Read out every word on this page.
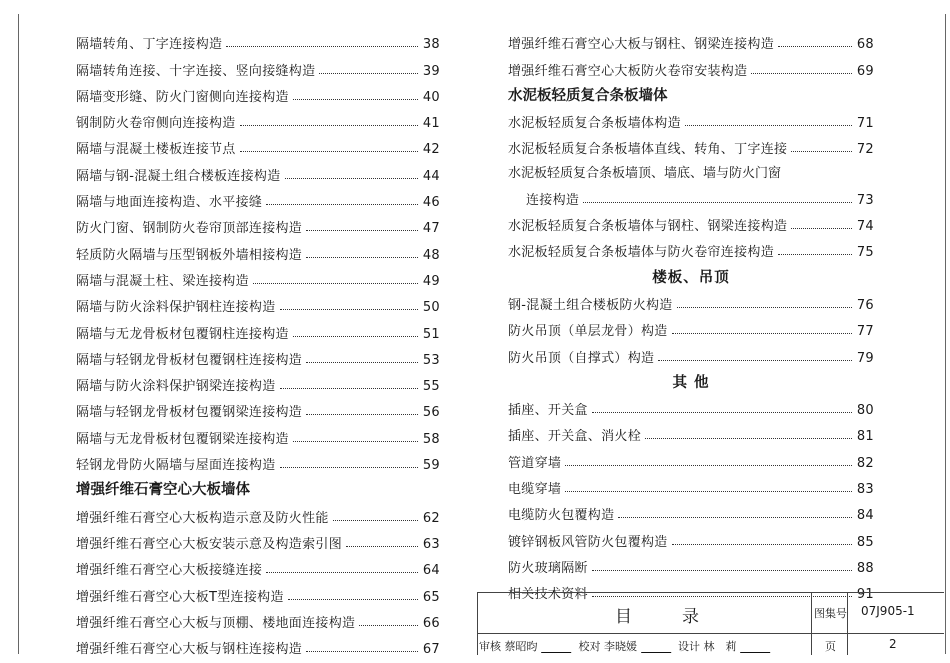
隔墙转角、丁字连接构造	38
隔墙转角连接、十字连接、竖向接缝构造	39
隔墙变形缝、防火门窗侧向连接构造	40
钢制防火卷帘侧向连接构造	41
隔墙与混凝土楼板连接节点	42
隔墙与钢-混凝土组合楼板连接构造	44
隔墙与地面连接构造、水平接缝	46
防火门窗、钢制防火卷帘顶部连接构造	47
轻质防火隔墙与压型钢板外墙相接构造	48
隔墙与混凝土柱、梁连接构造	49
隔墙与防火涂料保护钢柱连接构造	50
隔墙与无龙骨板材包覆钢柱连接构造	51
隔墙与轻钢龙骨板材包覆钢柱连接构造	53
隔墙与防火涂料保护钢梁连接构造	55
隔墙与轻钢龙骨板材包覆钢梁连接构造	56
隔墙与无龙骨板材包覆钢梁连接构造	58
轻钢龙骨防火隔墙与屋面连接构造	59
增强纤维石膏空心大板墙体
增强纤维石膏空心大板构造示意及防火性能	62
增强纤维石膏空心大板安装示意及构造索引图	63
增强纤维石膏空心大板接缝连接	64
增强纤维石膏空心大板T型连接构造	65
增强纤维石膏空心大板与顶棚、楼地面连接构造	66
增强纤维石膏空心大板与钢柱连接构造	67
增强纤维石膏空心大板与钢柱、钢梁连接构造	68
增强纤维石膏空心大板防火卷帘安装构造	69
水泥板轻质复合条板墙体
水泥板轻质复合条板墙体构造	71
水泥板轻质复合条板墙体直线、转角、丁字连接	72
水泥板轻质复合条板墙顶、墙底、墙与防火门窗
连接构造	73
水泥板轻质复合条板墙体与钢柱、钢梁连接构造	74
水泥板轻质复合条板墙体与防火卷帘连接构造	75
楼板、吊顶
钢-混凝土组合楼板防火构造	76
防火吊顶（单层龙骨）构造	77
防火吊顶（自撑式）构造	79
其 他
插座、开关盒	80
插座、开关盒、消火栓	81
管道穿墙	82
电缆穿墙	83
电缆防火包覆构造	84
镀锌钢板风管防火包覆构造	85
防火玻璃隔断	88
相关技术资料	91
目录	图集号 07J905-1
页	2
审核 蔡昭昀	校对 李晓媛	设计 林　莉
